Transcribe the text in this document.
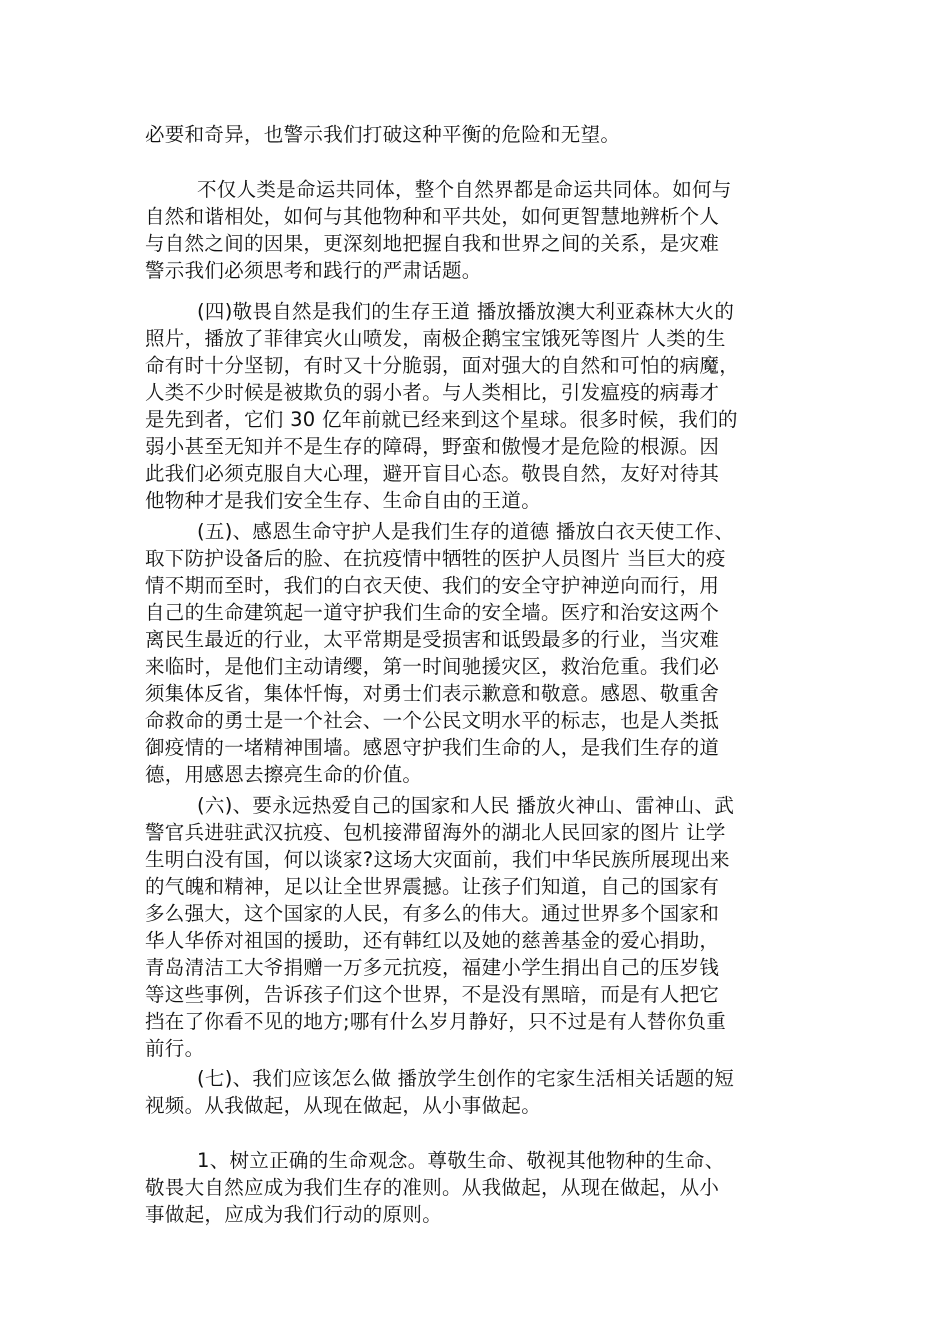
必要和奇异，也警示我们打破这种平衡的危险和无望。

不仅人类是命运共同体，整个自然界都是命运共同体。如何与
自然和谐相处，如何与其他物种和平共处，如何更智慧地辨析个人
与自然之间的因果，更深刻地把握自我和世界之间的关系，是灾难
警示我们必须思考和践行的严肃话题。

(四)敬畏自然是我们的生存王道 播放播放澳大利亚森林大火的
照片，播放了菲律宾火山喷发，南极企鹅宝宝饿死等图片 人类的生
命有时十分坚韧，有时又十分脆弱，面对强大的自然和可怕的病魔，
人类不少时候是被欺负的弱小者。与人类相比，引发瘟疫的病毒才
是先到者，它们 30 亿年前就已经来到这个星球。很多时候，我们的
弱小甚至无知并不是生存的障碍，野蛮和傲慢才是危险的根源。因
此我们必须克服自大心理，避开盲目心态。敬畏自然，友好对待其
他物种才是我们安全生存、生命自由的王道。

(五)、感恩生命守护人是我们生存的道德 播放白衣天使工作、
取下防护设备后的脸、在抗疫情中牺牲的医护人员图片 当巨大的疫
情不期而至时，我们的白衣天使、我们的安全守护神逆向而行，用
自己的生命建筑起一道守护我们生命的安全墙。医疗和治安这两个
离民生最近的行业，太平常期是受损害和诋毁最多的行业，当灾难
来临时，是他们主动请缨，第一时间驰援灾区，救治危重。我们必
须集体反省，集体忏悔，对勇士们表示歉意和敬意。感恩、敬重舍
命救命的勇士是一个社会、一个公民文明水平的标志，也是人类抵
御疫情的一堵精神围墙。感恩守护我们生命的人，是我们生存的道
德，用感恩去擦亮生命的价值。

(六)、要永远热爱自己的国家和人民 播放火神山、雷神山、武
警官兵进驻武汉抗疫、包机接滞留海外的湖北人民回家的图片 让学
生明白没有国，何以谈家?这场大灾面前，我们中华民族所展现出来
的气魄和精神，足以让全世界震撼。让孩子们知道，自己的国家有
多么强大，这个国家的人民，有多么的伟大。通过世界多个国家和
华人华侨对祖国的援助，还有韩红以及她的慈善基金的爱心捐助，
青岛清洁工大爷捐赠一万多元抗疫，福建小学生捐出自己的压岁钱
等这些事例，告诉孩子们这个世界，不是没有黑暗，而是有人把它
挡在了你看不见的地方;哪有什么岁月静好，只不过是有人替你负重
前行。

(七)、我们应该怎么做 播放学生创作的宅家生活相关话题的短
视频。从我做起，从现在做起，从小事做起。

1、树立正确的生命观念。尊敬生命、敬视其他物种的生命、
敬畏大自然应成为我们生存的准则。从我做起，从现在做起，从小
事做起，应成为我们行动的原则。
